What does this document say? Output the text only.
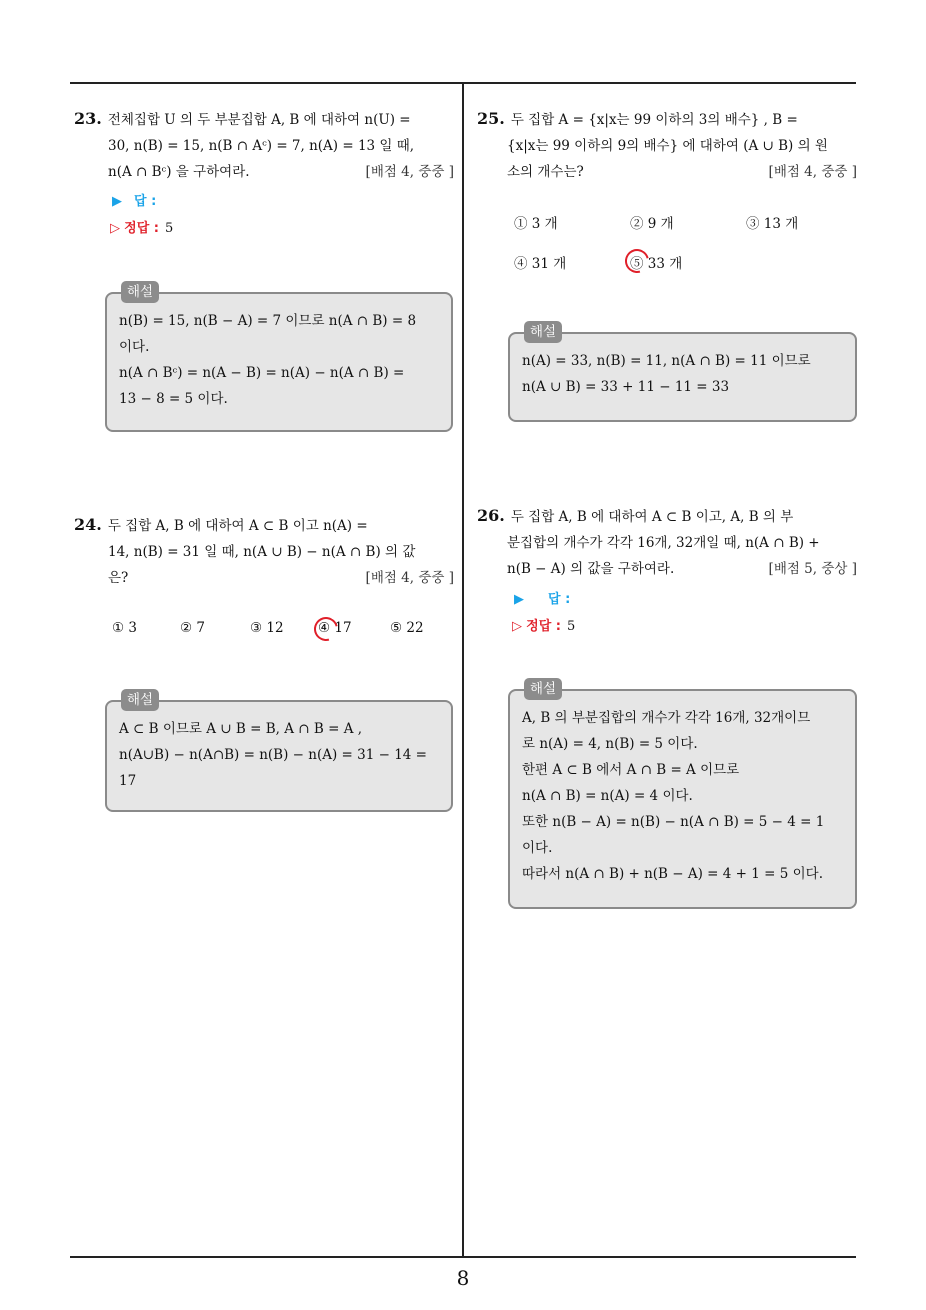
8
23. 전체집합 U 의 두 부분집합 A, B 에 대하여 n(U) =
30, n(B) = 15, n(B ∩ Aᶜ) = 7, n(A) = 13 일 때,
n(A ∩ Bᶜ) 을 구하여라.	[배점 4, 중중 ]
▶ 답 :
▷ 정답 : 5
해설
n(B) = 15, n(B − A) = 7 이므로 n(A ∩ B) = 8
이다.
n(A ∩ Bᶜ) = n(A − B) = n(A) − n(A ∩ B) =
13 − 8 = 5 이다.
24. 두 집합 A, B 에 대하여 A ⊂ B 이고 n(A) =
14, n(B) = 31 일 때, n(A ∪ B) − n(A ∩ B) 의 값
은?	[배점 4, 중중 ]
① 3	② 7	③ 12	④ 17	⑤ 22
해설
A ⊂ B 이므로 A ∪ B = B, A ∩ B = A ,
n(A∪B) − n(A∩B) = n(B) − n(A) = 31 − 14 =
17
25. 두 집합 A = {x|x는 99 이하의 3의 배수} , B =
{x|x는 99 이하의 9의 배수} 에 대하여 (A ∪ B) 의 원
소의 개수는?	[배점 4, 중중 ]
① 3 개	② 9 개	③ 13 개
④ 31 개	⑤ 33 개
해설
n(A) = 33, n(B) = 11, n(A ∩ B) = 11 이므로
n(A ∪ B) = 33 + 11 − 11 = 33
26. 두 집합 A, B 에 대하여 A ⊂ B 이고, A, B 의 부
분집합의 개수가 각각 16개, 32개일 때, n(A ∩ B) +
n(B − A) 의 값을 구하여라.	[배점 5, 중상 ]
▶ 답 :
▷ 정답 : 5
해설
A, B 의 부분집합의 개수가 각각 16개, 32개이므
로 n(A) = 4, n(B) = 5 이다.
한편 A ⊂ B 에서 A ∩ B = A 이므로
n(A ∩ B) = n(A) = 4 이다.
또한 n(B − A) = n(B) − n(A ∩ B) = 5 − 4 = 1
이다.
따라서 n(A ∩ B) + n(B − A) = 4 + 1 = 5 이다.
